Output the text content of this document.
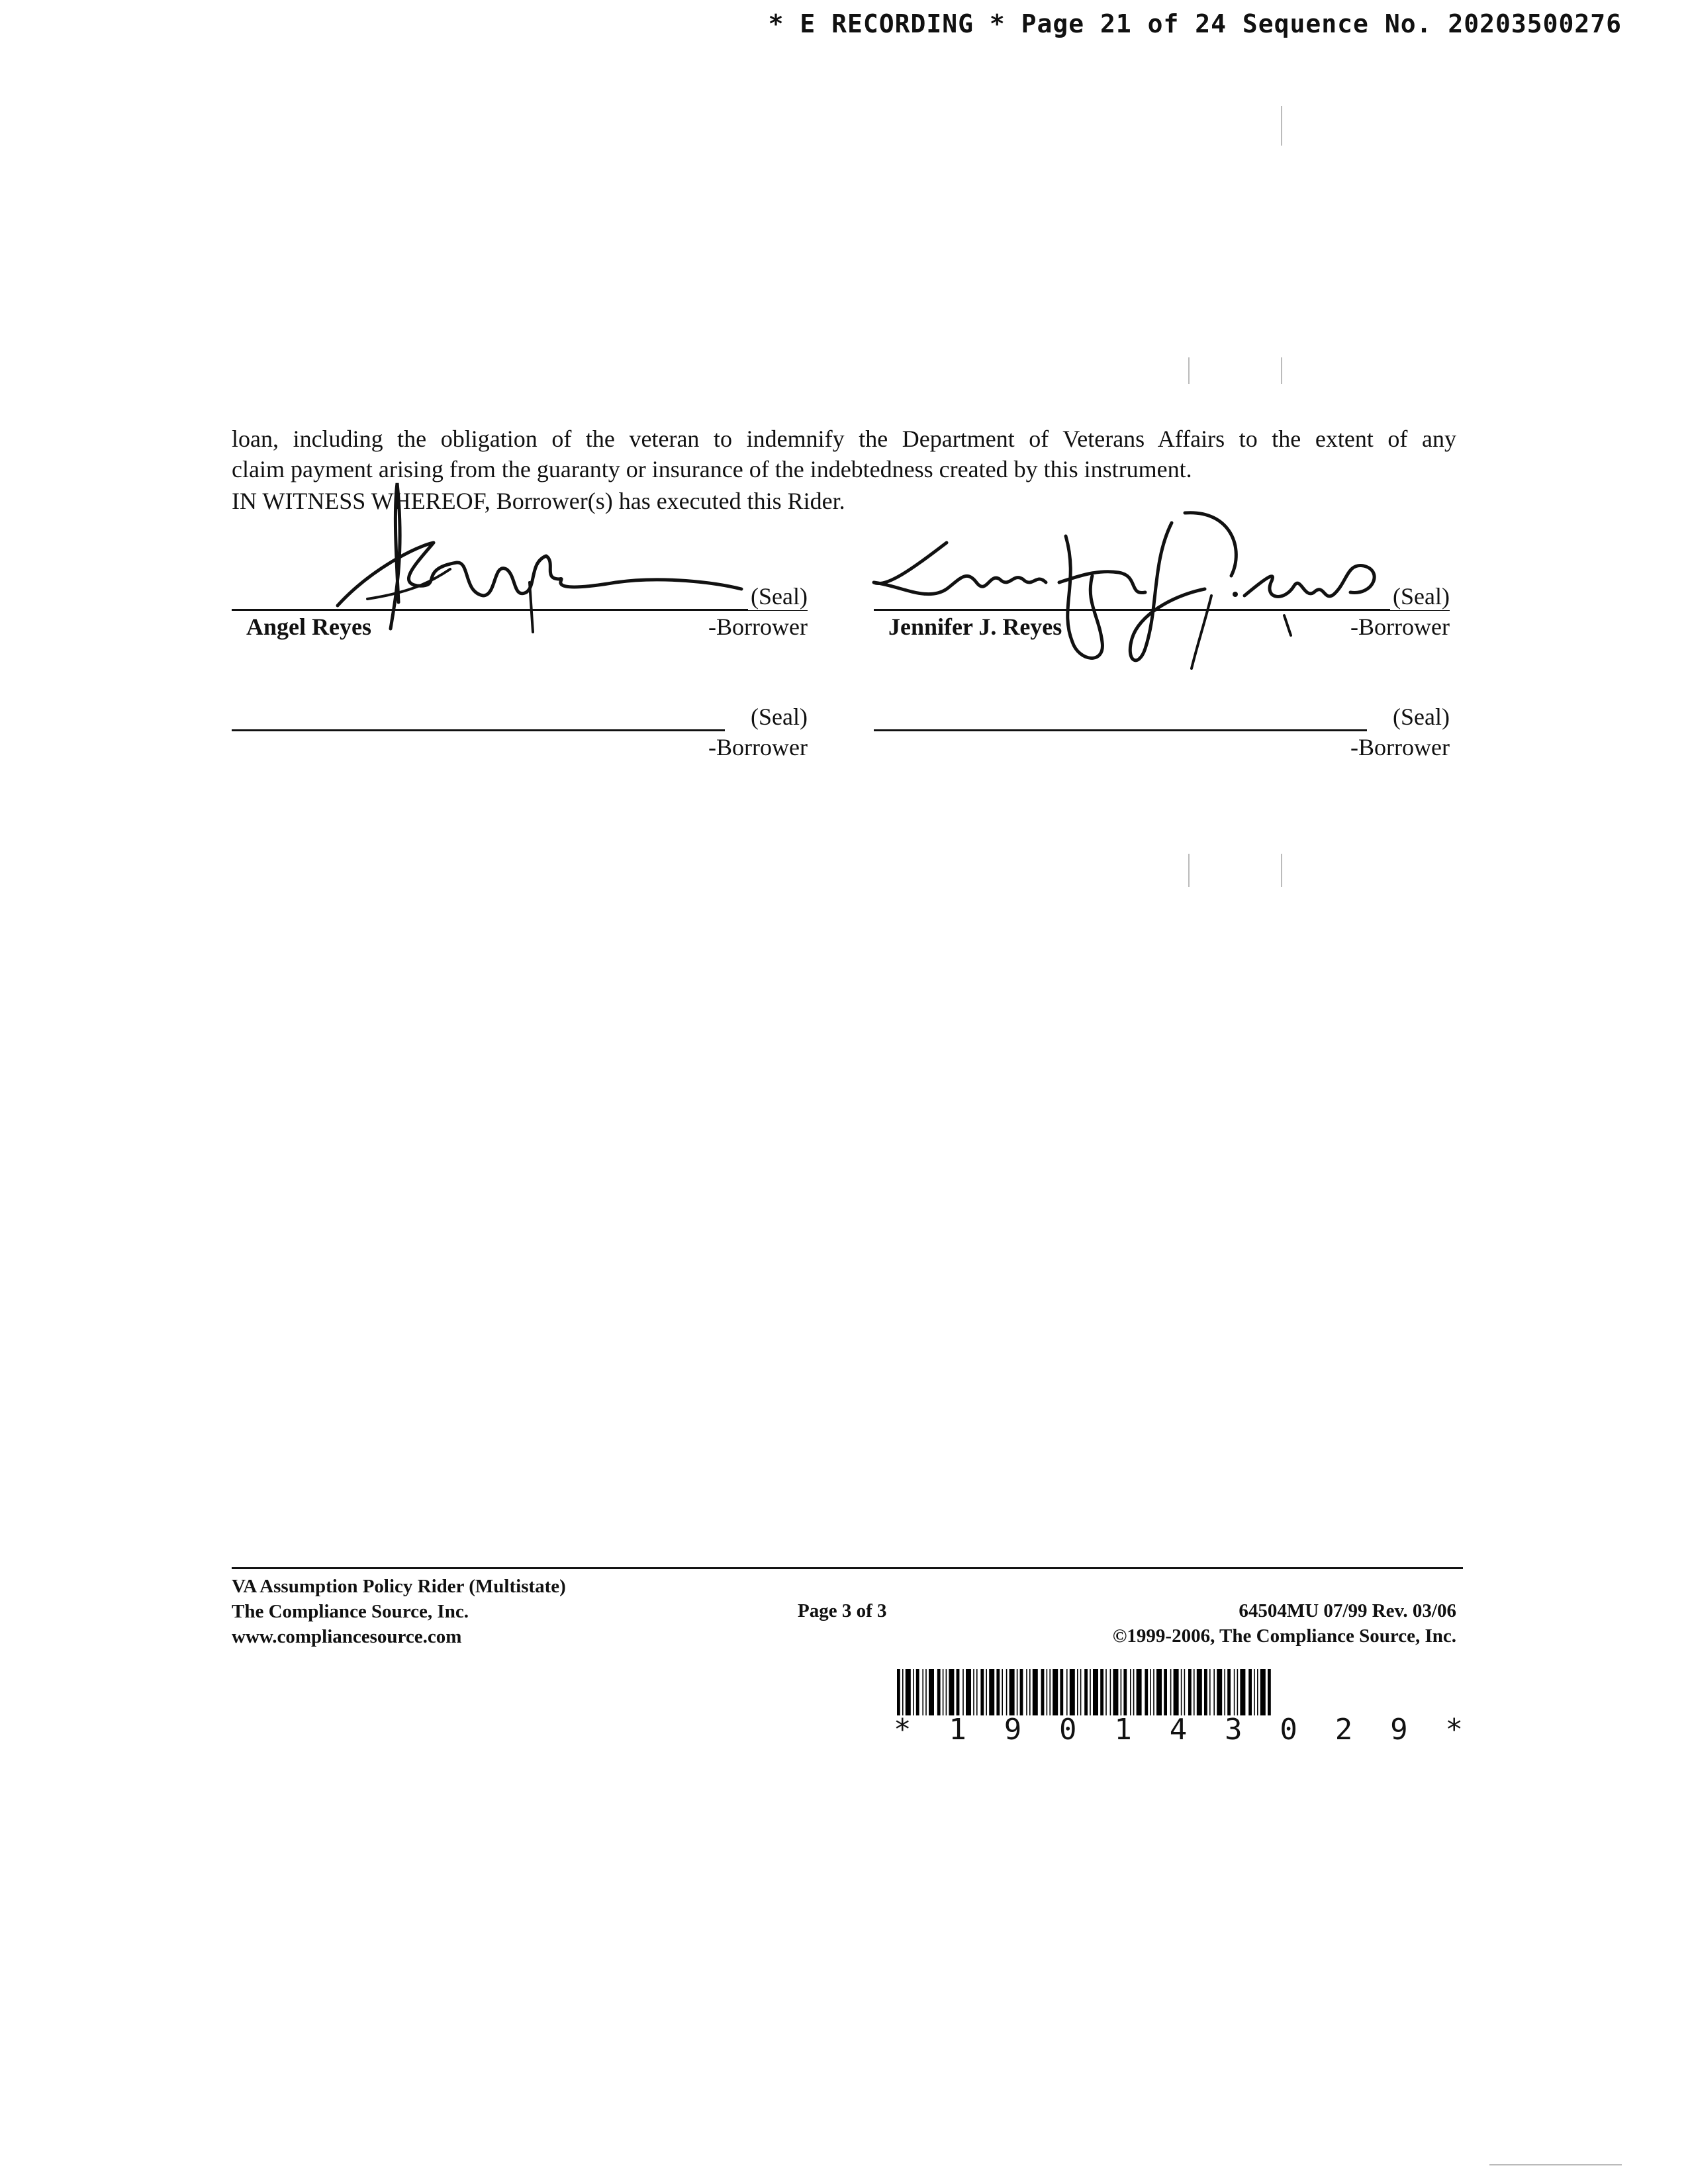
* E RECORDING * Page 21 of 24 Sequence No. 20203500276
loan, including the obligation of the veteran to indemnify the Department of Veterans Affairs to the extent of any
claim payment arising from the guaranty or insurance of the indebtedness created by this instrument.
IN WITNESS WHEREOF, Borrower(s) has executed this Rider.
(Seal)
Angel Reyes	-Borrower
(Seal)
Jennifer J. Reyes	-Borrower
(Seal)
-Borrower
(Seal)
-Borrower
VA Assumption Policy Rider (Multistate)
The Compliance Source, Inc.
www.compliancesource.com
Page 3 of 3	64504MU 07/99 Rev. 03/06
©1999-2006, The Compliance Source, Inc.
* 1 9 0 1 4 3 0 2 9 *
